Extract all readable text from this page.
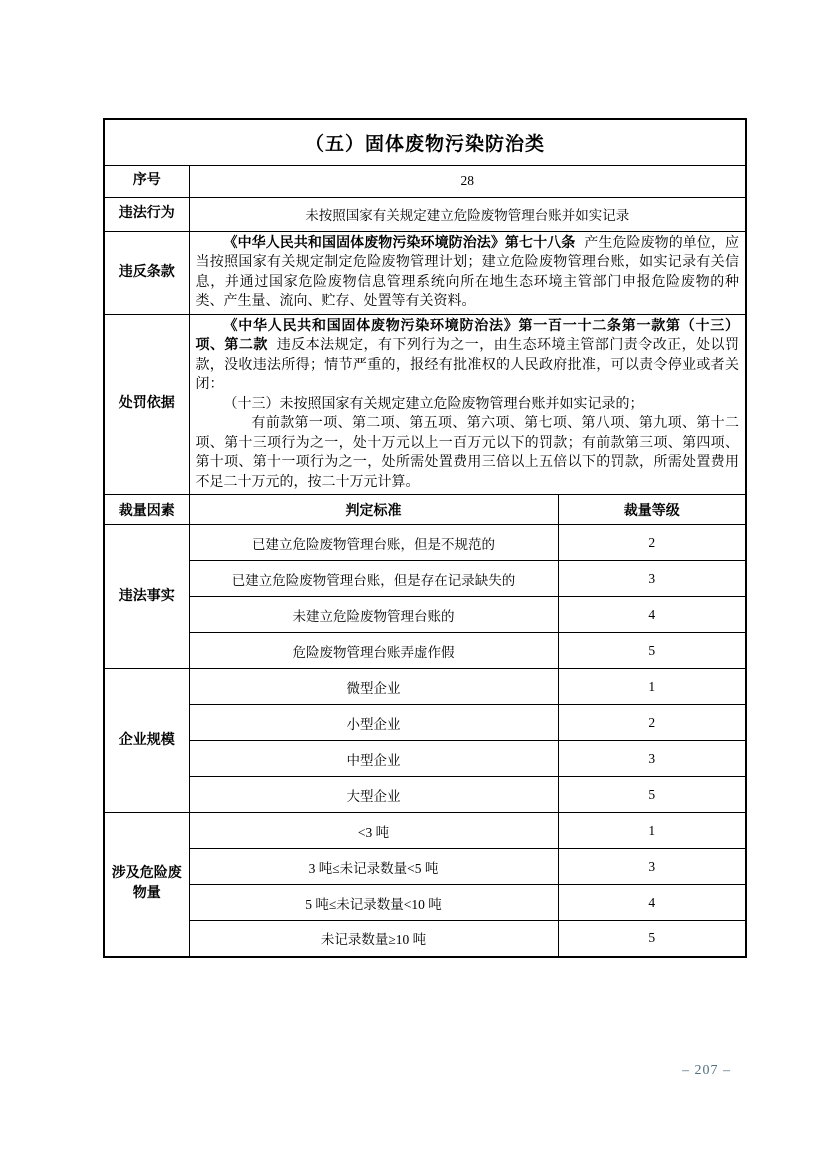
（五）固体废物污染防治类		
序号	28	
违法行为	未按照国家有关规定建立危险废物管理台账并如实记录	
违反条款	《中华人民共和国固体废物污染环境防治法》第七十八条 产生危险废物的单位，应当按照国家有关规定制定危险废物管理计划；建立危险废物管理台账，如实记录有关信息，并通过国家危险废物信息管理系统向所在地生态环境主管部门申报危险废物的种类、产生量、流向、贮存、处置等有关资料。	

处罚依据	《中华人民共和国固体废物污染环境防治法》第一百一十二条第一款第（十三）项、第二款 违反本法规定，有下列行为之一，由生态环境主管部门责令改正，处以罚款，没收违法所得；情节严重的，报经有批准权的人民政府批准，可以责令停业或者关闭：

（十三）未按照国家有关规定建立危险废物管理台账并如实记录的；

有前款第一项、第二项、第五项、第六项、第七项、第八项、第九项、第十二项、第十三项行为之一，处十万元以上一百万元以下的罚款；有前款第三项、第四项、第十项、第十一项行为之一，处所需处置费用三倍以上五倍以下的罚款，所需处置费用不足二十万元的，按二十万元计算。	

裁量因素	判定标准	裁量等级
违法事实	已建立危险废物管理台账，但是不规范的	2
	已建立危险废物管理台账，但是存在记录缺失的	3
	未建立危险废物管理台账的	4
	危险废物管理台账弄虚作假	5
企业规模	微型企业	1
	小型企业	2
	中型企业	3
	大型企业	5
涉及危险废物量	<3 吨	1
	3 吨≤未记录数量<5 吨	3
	5 吨≤未记录数量<10 吨	4
	未记录数量≥10 吨	5
– 207 –
